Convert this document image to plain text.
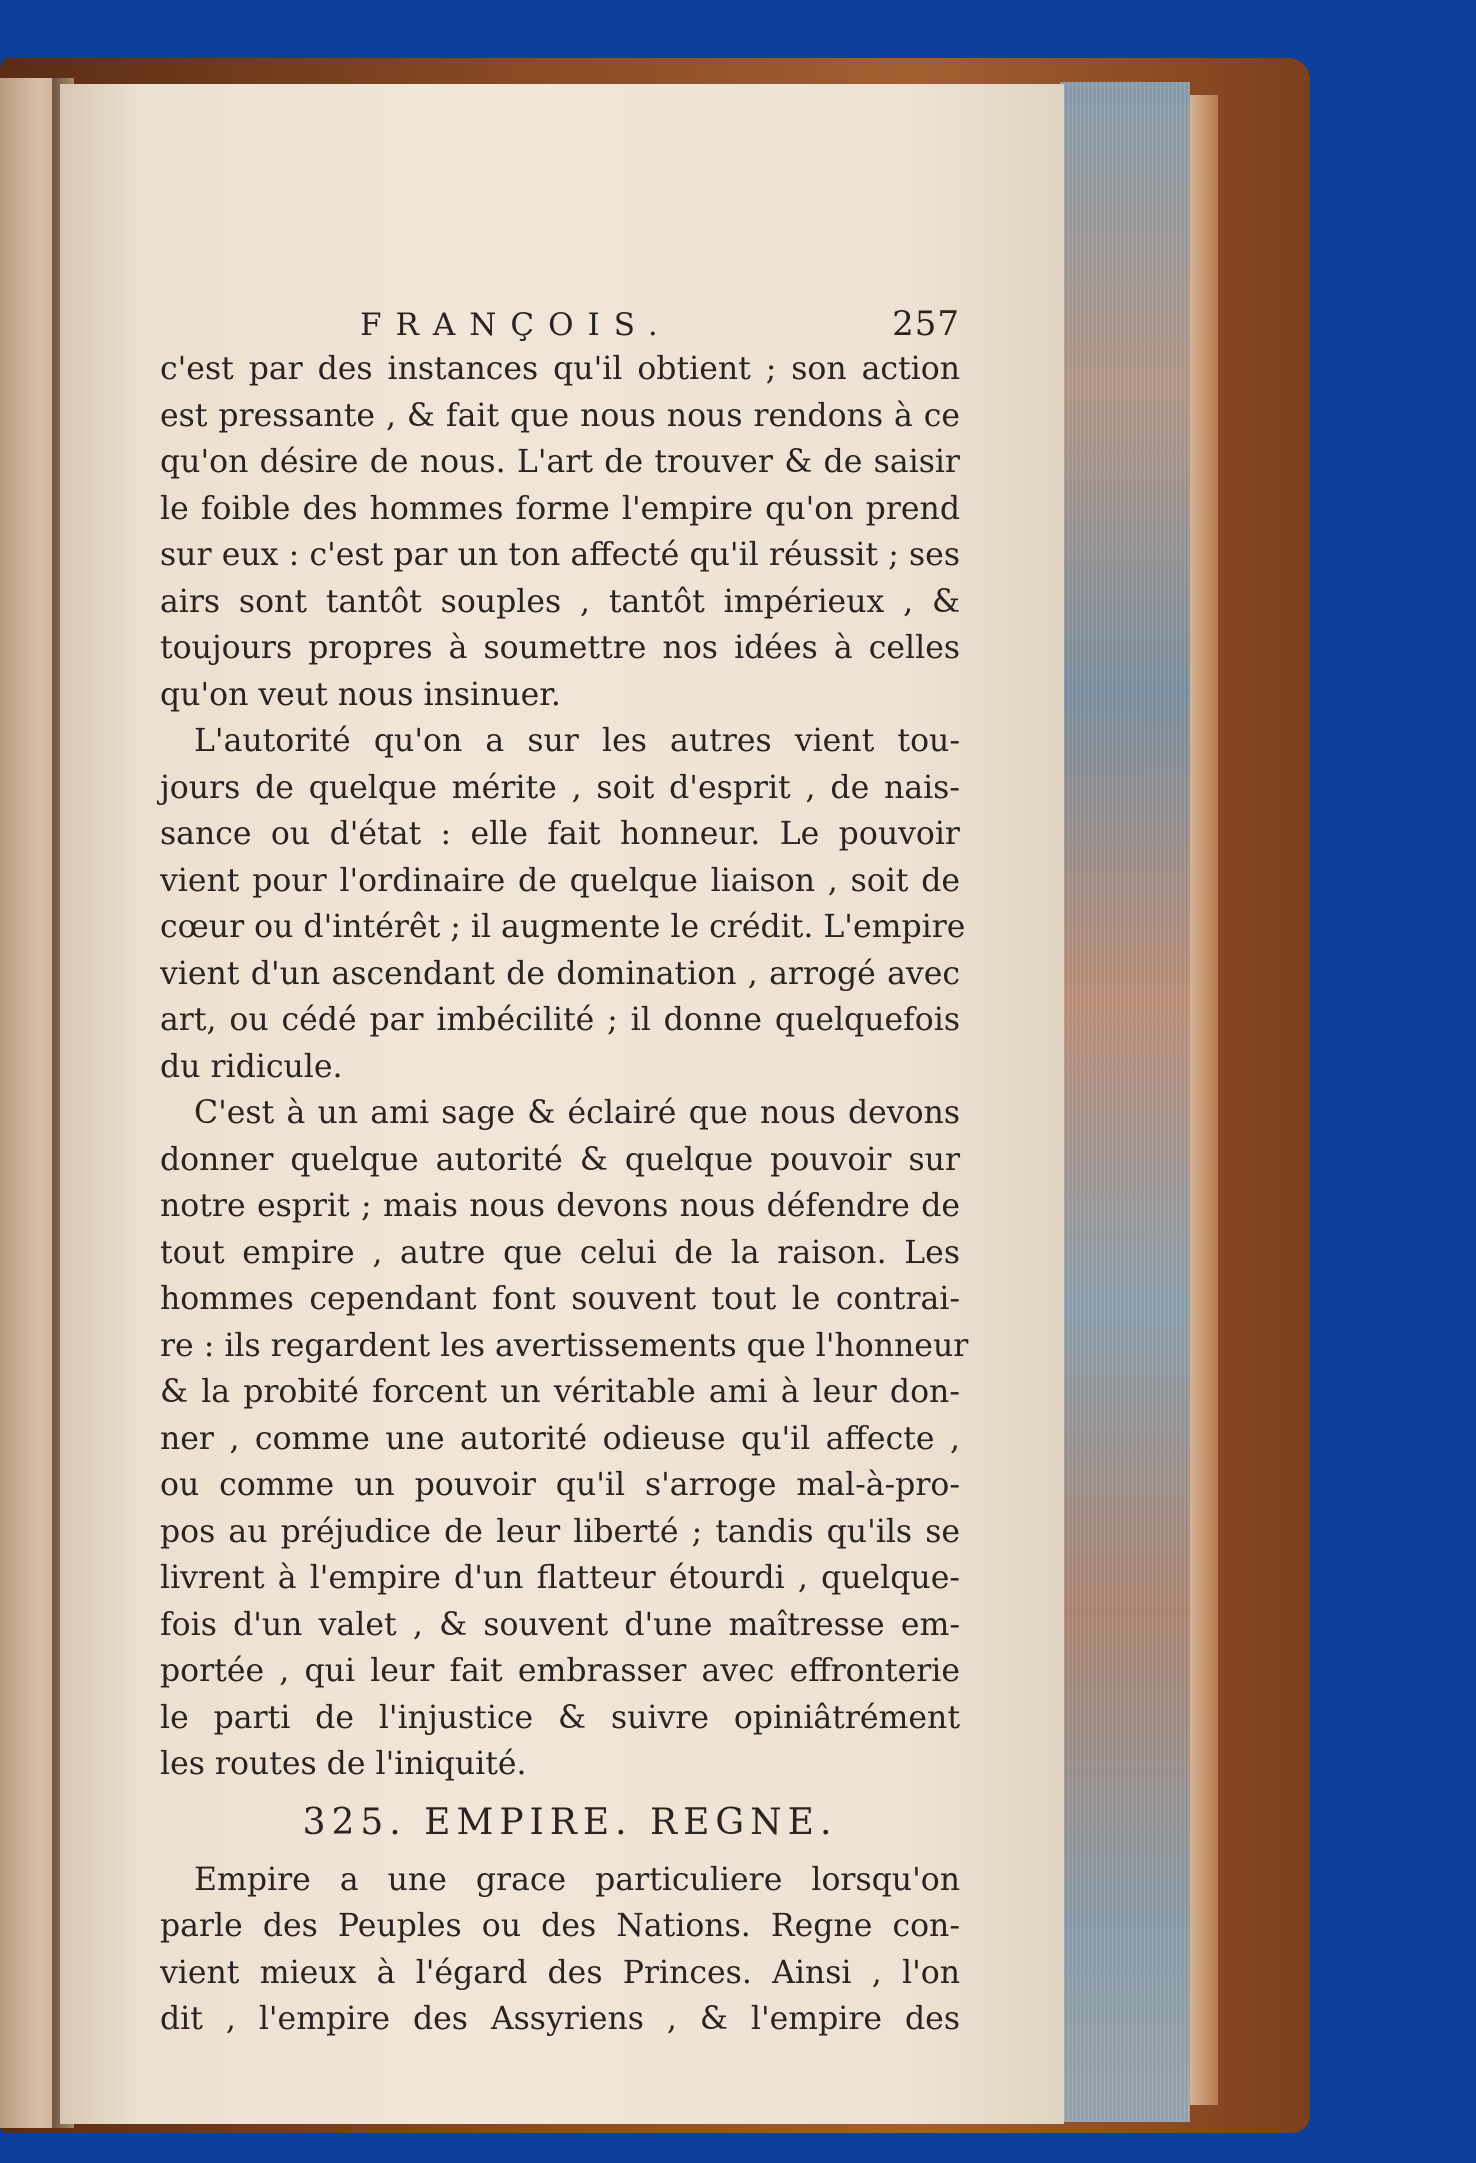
FRANÇOIS.	257

c'est par des instances qu'il obtient ; son action
est pressante , & fait que nous nous rendons à ce
qu'on désire de nous. L'art de trouver & de saisir
le foible des hommes forme l'empire qu'on prend
sur eux : c'est par un ton affecté qu'il réussit ; ses
airs sont tantôt souples , tantôt impérieux , &
toujours propres à soumettre nos idées à celles
qu'on veut nous insinuer.

L'autorité qu'on a sur les autres vient tou-
jours de quelque mérite , soit d'esprit , de nais-
sance ou d'état : elle fait honneur. Le pouvoir
vient pour l'ordinaire de quelque liaison , soit de
cœur ou d'intérêt ; il augmente le crédit. L'empire
vient d'un ascendant de domination , arrogé avec
art, ou cédé par imbécilité ; il donne quelquefois
du ridicule.

C'est à un ami sage & éclairé que nous devons
donner quelque autorité & quelque pouvoir sur
notre esprit ; mais nous devons nous défendre de
tout empire , autre que celui de la raison. Les
hommes cependant font souvent tout le contrai-
re : ils regardent les avertissements que l'honneur
& la probité forcent un véritable ami à leur don-
ner , comme une autorité odieuse qu'il affecte ,
ou comme un pouvoir qu'il s'arroge mal-à-pro-
pos au préjudice de leur liberté ; tandis qu'ils se
livrent à l'empire d'un flatteur étourdi , quelque-
fois d'un valet , & souvent d'une maîtresse em-
portée , qui leur fait embrasser avec effronterie
le parti de l'injustice & suivre opiniâtrément
les routes de l'iniquité.

325. EMPIRE. REGNE.

Empire a une grace particuliere lorsqu'on
parle des Peuples ou des Nations. Regne con-
vient mieux à l'égard des Princes. Ainsi , l'on
dit , l'empire des Assyriens , & l'empire des
